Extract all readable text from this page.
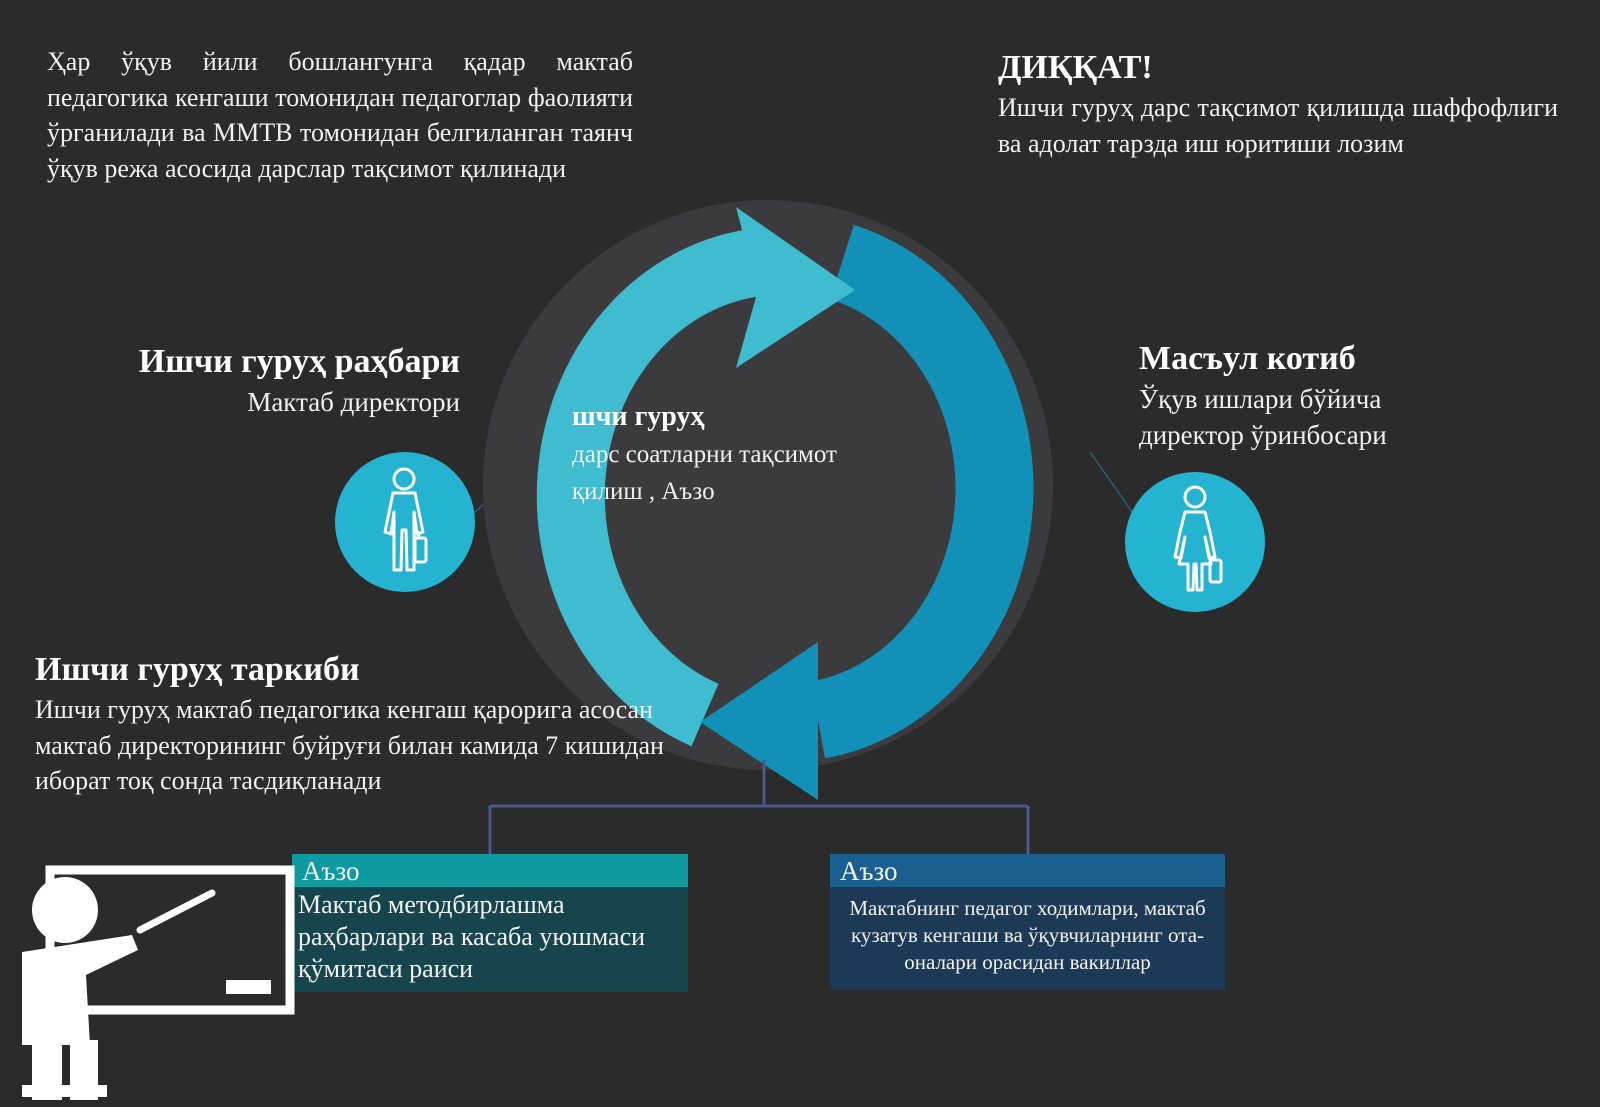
Ҳар ўқув йили бошлангунга қадар мактаб педагогика кенгаши томонидан педагоглар фаолияти ўрганилади ва ММТВ томонидан белгиланган таянч ўқув режа асосида дарслар тақсимот қилинади
ДИҚҚАТ!
Ишчи гуруҳ дарс тақсимот қилишда шаффофлиги ва адолат тарзда иш юритиши лозим
Ишчи гуруҳ раҳбари
Мактаб директори
Масъул котиб
Ўқув ишлари бўйича
директор ўринбосари
шчи гуруҳ
дарс соатларни тақсимот
қилиш , Аъзо
Ишчи гуруҳ таркиби
Ишчи гуруҳ мактаб педагогика кенгаш қарорига асосан мактаб директорининг буйруғи билан камида 7 кишидан иборат тоқ сонда тасдиқланади
Аъзо
Мактаб методбирлашма раҳбарлари ва касаба уюшмаси қўмитаси раиси
Аъзо
Мактабнинг педагог ходимлари, мактаб кузатув кенгаши ва ўқувчиларнинг ота-оналари орасидан вакиллар
